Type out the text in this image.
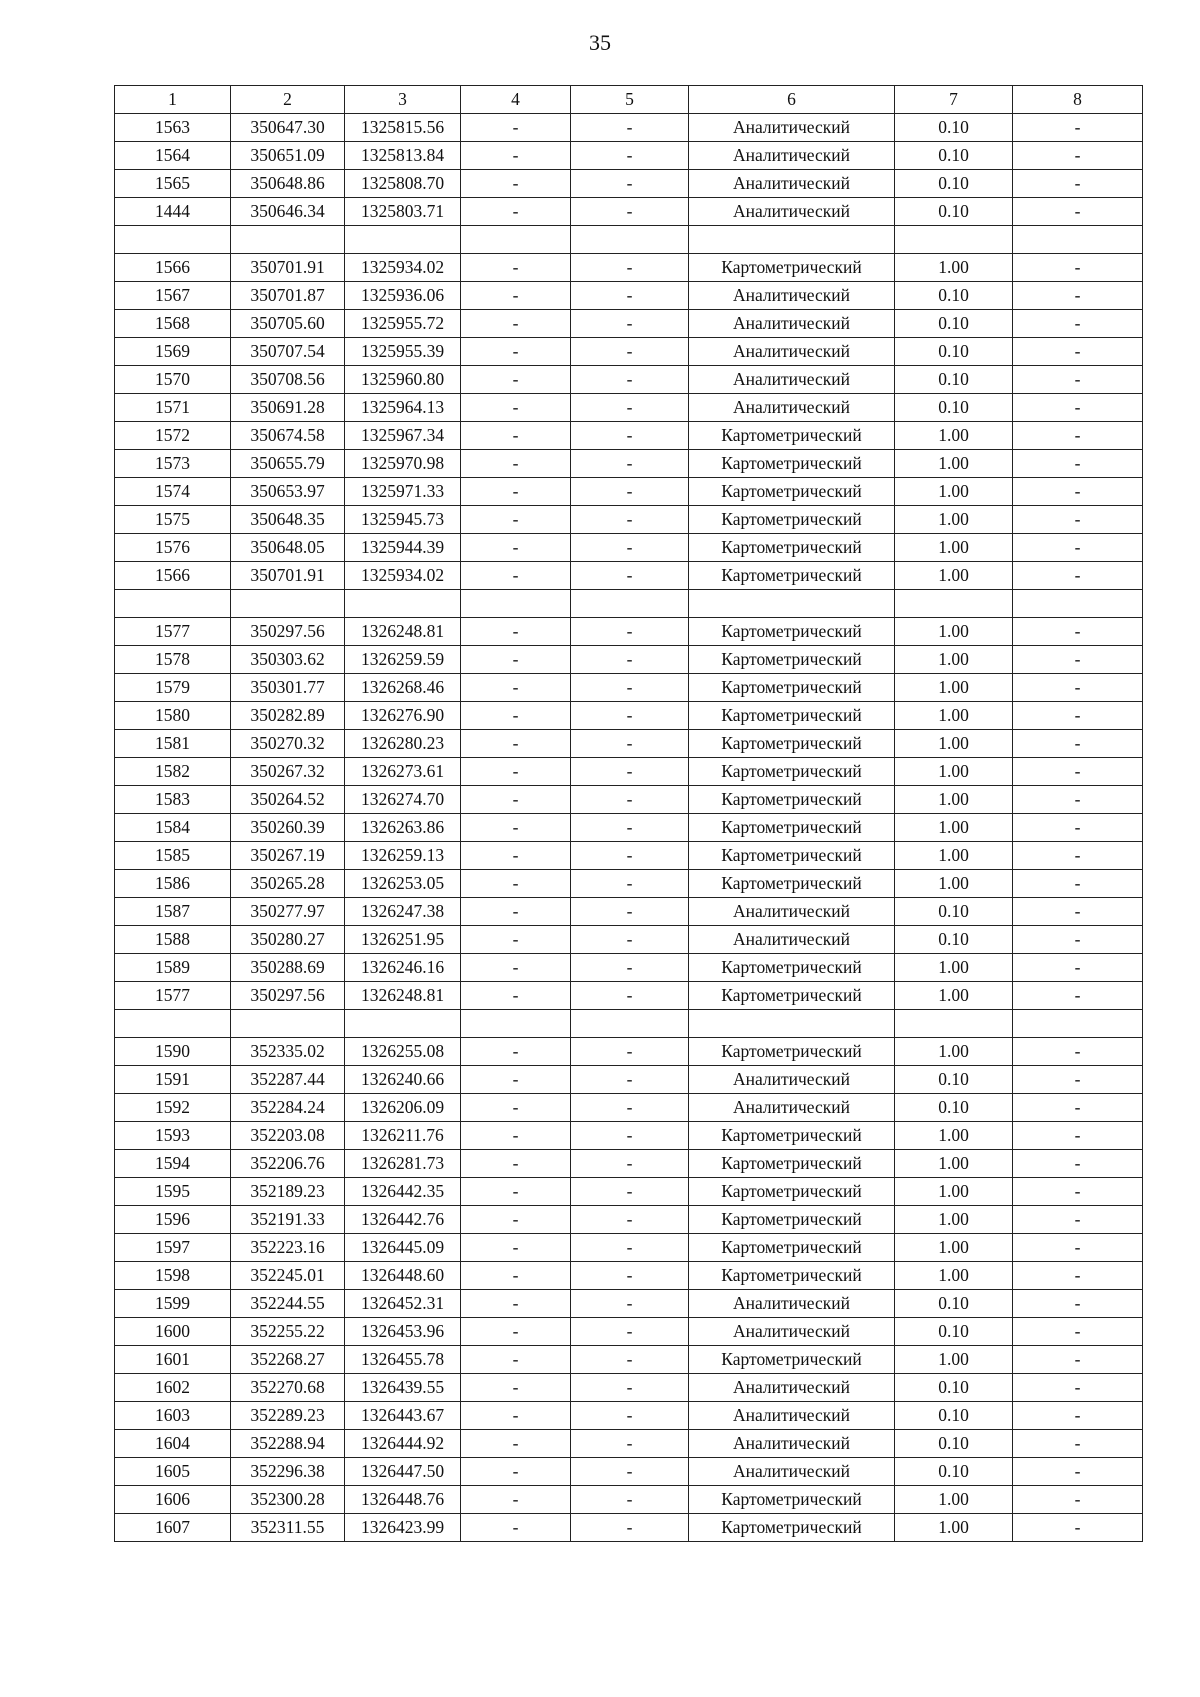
35
1	2	3	4	5	6	7	8
1563	350647.30	1325815.56	-	-	Аналитический	0.10	-
1564	350651.09	1325813.84	-	-	Аналитический	0.10	-
1565	350648.86	1325808.70	-	-	Аналитический	0.10	-
1444	350646.34	1325803.71	-	-	Аналитический	0.10	-

1566	350701.91	1325934.02	-	-	Картометрический	1.00	-
1567	350701.87	1325936.06	-	-	Аналитический	0.10	-
1568	350705.60	1325955.72	-	-	Аналитический	0.10	-
1569	350707.54	1325955.39	-	-	Аналитический	0.10	-
1570	350708.56	1325960.80	-	-	Аналитический	0.10	-
1571	350691.28	1325964.13	-	-	Аналитический	0.10	-
1572	350674.58	1325967.34	-	-	Картометрический	1.00	-
1573	350655.79	1325970.98	-	-	Картометрический	1.00	-
1574	350653.97	1325971.33	-	-	Картометрический	1.00	-
1575	350648.35	1325945.73	-	-	Картометрический	1.00	-
1576	350648.05	1325944.39	-	-	Картометрический	1.00	-
1566	350701.91	1325934.02	-	-	Картометрический	1.00	-

1577	350297.56	1326248.81	-	-	Картометрический	1.00	-
1578	350303.62	1326259.59	-	-	Картометрический	1.00	-
1579	350301.77	1326268.46	-	-	Картометрический	1.00	-
1580	350282.89	1326276.90	-	-	Картометрический	1.00	-
1581	350270.32	1326280.23	-	-	Картометрический	1.00	-
1582	350267.32	1326273.61	-	-	Картометрический	1.00	-
1583	350264.52	1326274.70	-	-	Картометрический	1.00	-
1584	350260.39	1326263.86	-	-	Картометрический	1.00	-
1585	350267.19	1326259.13	-	-	Картометрический	1.00	-
1586	350265.28	1326253.05	-	-	Картометрический	1.00	-
1587	350277.97	1326247.38	-	-	Аналитический	0.10	-
1588	350280.27	1326251.95	-	-	Аналитический	0.10	-
1589	350288.69	1326246.16	-	-	Картометрический	1.00	-
1577	350297.56	1326248.81	-	-	Картометрический	1.00	-

1590	352335.02	1326255.08	-	-	Картометрический	1.00	-
1591	352287.44	1326240.66	-	-	Аналитический	0.10	-
1592	352284.24	1326206.09	-	-	Аналитический	0.10	-
1593	352203.08	1326211.76	-	-	Картометрический	1.00	-
1594	352206.76	1326281.73	-	-	Картометрический	1.00	-
1595	352189.23	1326442.35	-	-	Картометрический	1.00	-
1596	352191.33	1326442.76	-	-	Картометрический	1.00	-
1597	352223.16	1326445.09	-	-	Картометрический	1.00	-
1598	352245.01	1326448.60	-	-	Картометрический	1.00	-
1599	352244.55	1326452.31	-	-	Аналитический	0.10	-
1600	352255.22	1326453.96	-	-	Аналитический	0.10	-
1601	352268.27	1326455.78	-	-	Картометрический	1.00	-
1602	352270.68	1326439.55	-	-	Аналитический	0.10	-
1603	352289.23	1326443.67	-	-	Аналитический	0.10	-
1604	352288.94	1326444.92	-	-	Аналитический	0.10	-
1605	352296.38	1326447.50	-	-	Аналитический	0.10	-
1606	352300.28	1326448.76	-	-	Картометрический	1.00	-
1607	352311.55	1326423.99	-	-	Картометрический	1.00	-
